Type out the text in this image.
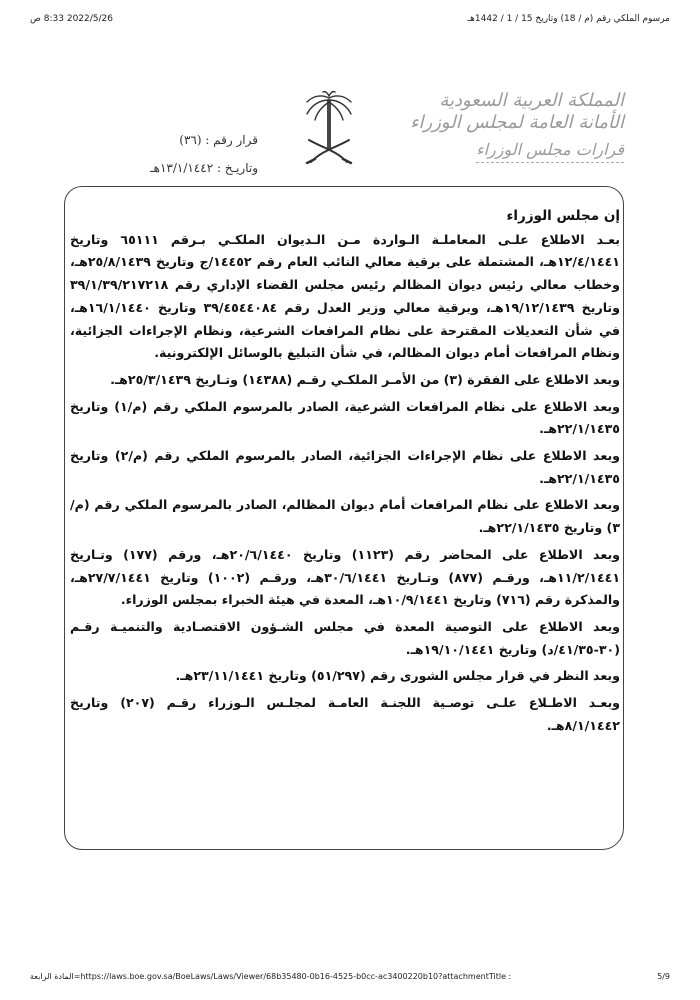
2022/5/26 8:33 ص	مرسوم الملكي رقم (م / 18) وتاريخ 15 / 1 / 1442هـ
المملكة العربية السعودية
الأمانة العامة لمجلس الوزراء
قرارات مجلس الوزراء
قرار رقم : (٣٦)
وتاريـخ : ١٣/١/١٤٤٢هـ
إن مجلس الوزراء

بعـد الاطلاع علـى المعاملـة الـواردة مـن الـديوان الملكـي بـرقم ٦٥١١١ وتاريخ ١٢/٤/١٤٤١هـ، المشتملة على برقية معالي النائب العام رقم ١٤٤٥٢/ج وتاريخ ٢٥/٨/١٤٣٩هـ، وخطاب معالي رئيس ديوان المظالم رئيس مجلس القضاء الإداري رقم ٣٩/١/٣٩/٢١٧٢١٨ وتاريخ ١٩/١٢/١٤٣٩هـ، وبرقية معالي وزير العدل رقم ٣٩/٤٥٤٤٠٨٤ وتاريخ ١٦/١/١٤٤٠هـ، في شأن التعديلات المقترحة على نظام المرافعات الشرعية، ونظام الإجراءات الجزائية، ونظام المرافعات أمام ديوان المظالم، في شأن التبليغ بالوسائل الإلكترونية.

وبعد الاطلاع على الفقرة (٣) من الأمـر الملكـي رقـم (١٤٣٨٨) وتـاريخ ٢٥/٣/١٤٣٩هـ.

وبعد الاطلاع على نظام المرافعات الشرعية، الصادر بالمرسوم الملكي رقم (م/١) وتاريخ ٢٢/١/١٤٣٥هـ.

وبعد الاطلاع على نظام الإجراءات الجزائية، الصادر بالمرسوم الملكي رقم (م/٢) وتاريخ ٢٢/١/١٤٣٥هـ.

وبعد الاطلاع على نظام المرافعات أمام ديوان المظالم، الصادر بالمرسوم الملكي رقم (م/٣) وتاريخ ٢٢/١/١٤٣٥هـ.

وبعد الاطلاع على المحاضر رقم (١١٢٣) وتاريخ ٢٠/٦/١٤٤٠هـ، ورقم (١٧٧) وتـاريخ ١١/٢/١٤٤١هـ، ورقـم (٨٧٧) وتـاريخ ٣٠/٦/١٤٤١هـ، ورقـم (١٠٠٢) وتاريخ ٢٧/٧/١٤٤١هـ، والمذكرة رقم (٧١٦) وتاريخ ١٠/٩/١٤٤١هـ، المعدة في هيئة الخبراء بمجلس الوزراء.

وبعد الاطلاع على التوصية المعدة في مجلس الشـؤون الاقتصـادية والتنميـة رقـم (٣٠-٤١/٣٥/د) وتاريخ ١٩/١٠/١٤٤١هـ.

وبعد النظر في قرار مجلس الشورى رقم (٥١/٢٩٧) وتاريخ ٢٣/١١/١٤٤١هـ.

وبعـد الاطـلاع علـى توصـية اللجنـة العامـة لمجلـس الـوزراء رقـم (٢٠٧) وتاريخ ٨/١/١٤٤٢هـ.

5/9
المادة الرابعة=https://laws.boe.gov.sa/BoeLaws/Laws/Viewer/68b35480-0b16-4525-b0cc-ac3400220b10?attachmentTitle :
